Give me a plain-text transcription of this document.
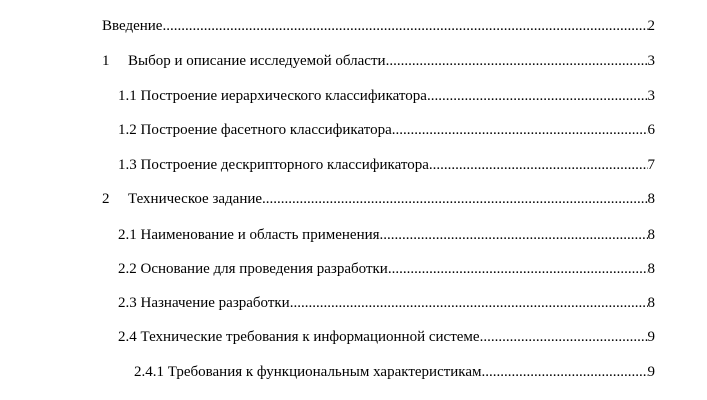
Введение .....	2
1	Выбор и описание исследуемой области .....	3
1.1 Построение иерархического классификатора .....	3
1.2 Построение фасетного классификатора .....	6
1.3 Построение дескрипторного классификатора .....	7
2	Техническое задание .....	8
2.1 Наименование и область применения .....	8
2.2 Основание для проведения разработки .....	8
2.3 Назначение разработки .....	8
2.4 Технические требования к информационной системе .....	9
2.4.1 Требования к функциональным характеристикам .....	9
